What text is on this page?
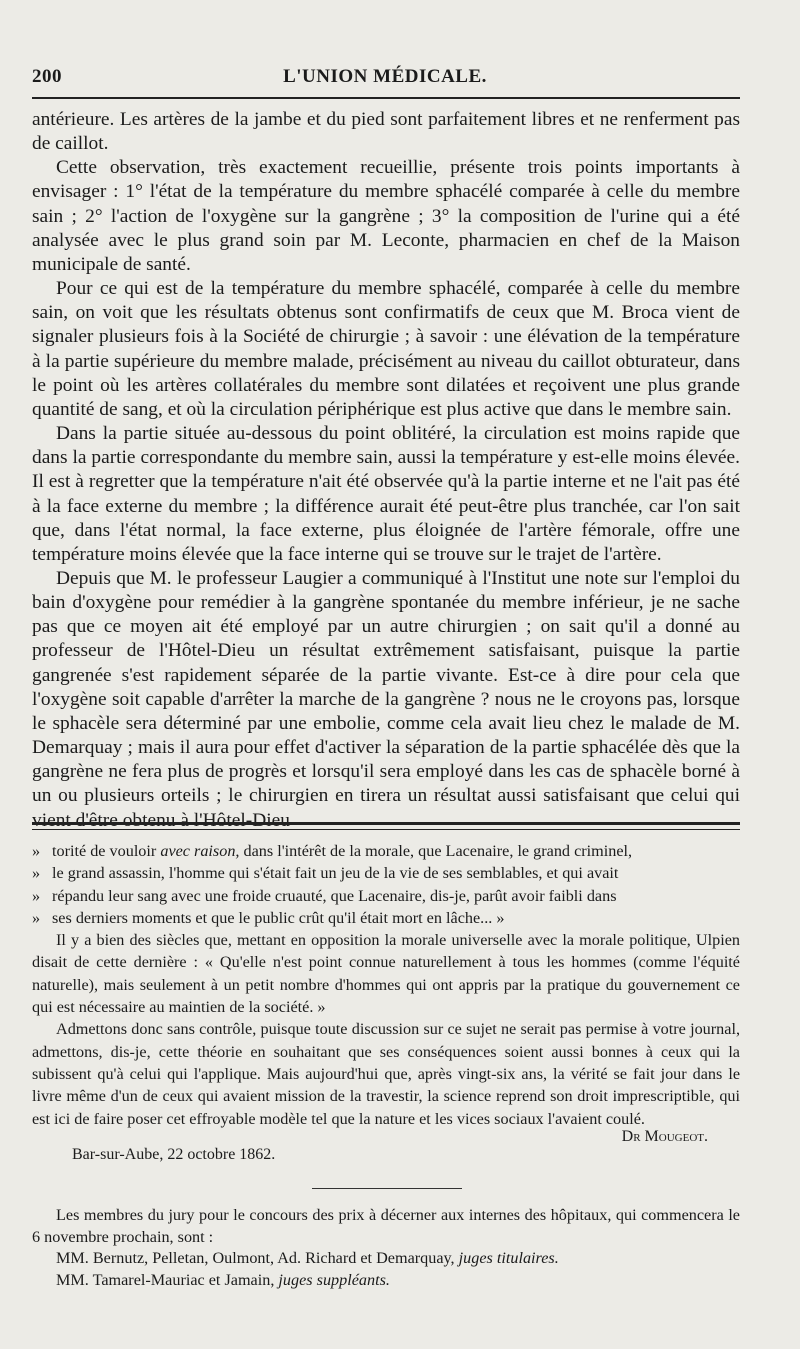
200	L'UNION MÉDICALE.

antérieure. Les artères de la jambe et du pied sont parfaitement libres et ne renferment pas de caillot.

Cette observation, très exactement recueillie, présente trois points importants à envisager : 1° l'état de la température du membre sphacélé comparée à celle du membre sain ; 2° l'action de l'oxygène sur la gangrène ; 3° la composition de l'urine qui a été analysée avec le plus grand soin par M. Leconte, pharmacien en chef de la Maison municipale de santé.

Pour ce qui est de la température du membre sphacélé, comparée à celle du membre sain, on voit que les résultats obtenus sont confirmatifs de ceux que M. Broca vient de signaler plusieurs fois à la Société de chirurgie ; à savoir : une élévation de la température à la partie supérieure du membre malade, précisément au niveau du caillot obturateur, dans le point où les artères collatérales du membre sont dilatées et reçoivent une plus grande quantité de sang, et où la circulation périphérique est plus active que dans le membre sain.

Dans la partie située au-dessous du point oblitéré, la circulation est moins rapide que dans la partie correspondante du membre sain, aussi la température y est-elle moins élevée. Il est à regretter que la température n'ait été observée qu'à la partie interne et ne l'ait pas été à la face externe du membre ; la différence aurait été peut-être plus tranchée, car l'on sait que, dans l'état normal, la face externe, plus éloignée de l'artère fémorale, offre une température moins élevée que la face interne qui se trouve sur le trajet de l'artère.

Depuis que M. le professeur Laugier a communiqué à l'Institut une note sur l'emploi du bain d'oxygène pour remédier à la gangrène spontanée du membre inférieur, je ne sache pas que ce moyen ait été employé par un autre chirurgien ; on sait qu'il a donné au professeur de l'Hôtel-Dieu un résultat extrêmement satisfaisant, puisque la partie gangrenée s'est rapidement séparée de la partie vivante. Est-ce à dire pour cela que l'oxygène soit capable d'arrêter la marche de la gangrène ? nous ne le croyons pas, lorsque le sphacèle sera déterminé par une embolie, comme cela avait lieu chez le malade de M. Demarquay ; mais il aura pour effet d'activer la séparation de la partie sphacélée dès que la gangrène ne fera plus de progrès et lorsqu'il sera employé dans les cas de sphacèle borné à un ou plusieurs orteils ; le chirurgien en tirera un résultat aussi satisfaisant que celui qui vient d'être obtenu à l'Hôtel-Dieu

» torité de vouloir avec raison, dans l'intérêt de la morale, que Lacenaire, le grand criminel,

» le grand assassin, l'homme qui s'était fait un jeu de la vie de ses semblables, et qui avait

» répandu leur sang avec une froide cruauté, que Lacenaire, dis-je, parût avoir faibli dans

» ses derniers moments et que le public crût qu'il était mort en lâche... »

Il y a bien des siècles que, mettant en opposition la morale universelle avec la morale politique, Ulpien disait de cette dernière : « Qu'elle n'est point connue naturellement à tous les hommes (comme l'équité naturelle), mais seulement à un petit nombre d'hommes qui ont appris par la pratique du gouvernement ce qui est nécessaire au maintien de la société. »

Admettons donc sans contrôle, puisque toute discussion sur ce sujet ne serait pas permise à votre journal, admettons, dis-je, cette théorie en souhaitant que ses conséquences soient aussi bonnes à ceux qui la subissent qu'à celui qui l'applique. Mais aujourd'hui que, après vingt-six ans, la vérité se fait jour dans le livre même d'un de ceux qui avaient mission de la travestir, la science reprend son droit imprescriptible, qui est ici de faire poser cet effroyable modèle tel que la nature et les vices sociaux l'avaient coulé.

Dr Mougeot.
Bar-sur-Aube, 22 octobre 1862.

Les membres du jury pour le concours des prix à décerner aux internes des hôpitaux, qui commencera le 6 novembre prochain, sont :

MM. Bernutz, Pelletan, Oulmont, Ad. Richard et Demarquay, juges titulaires.

MM. Tamarel-Mauriac et Jamain, juges suppléants.
